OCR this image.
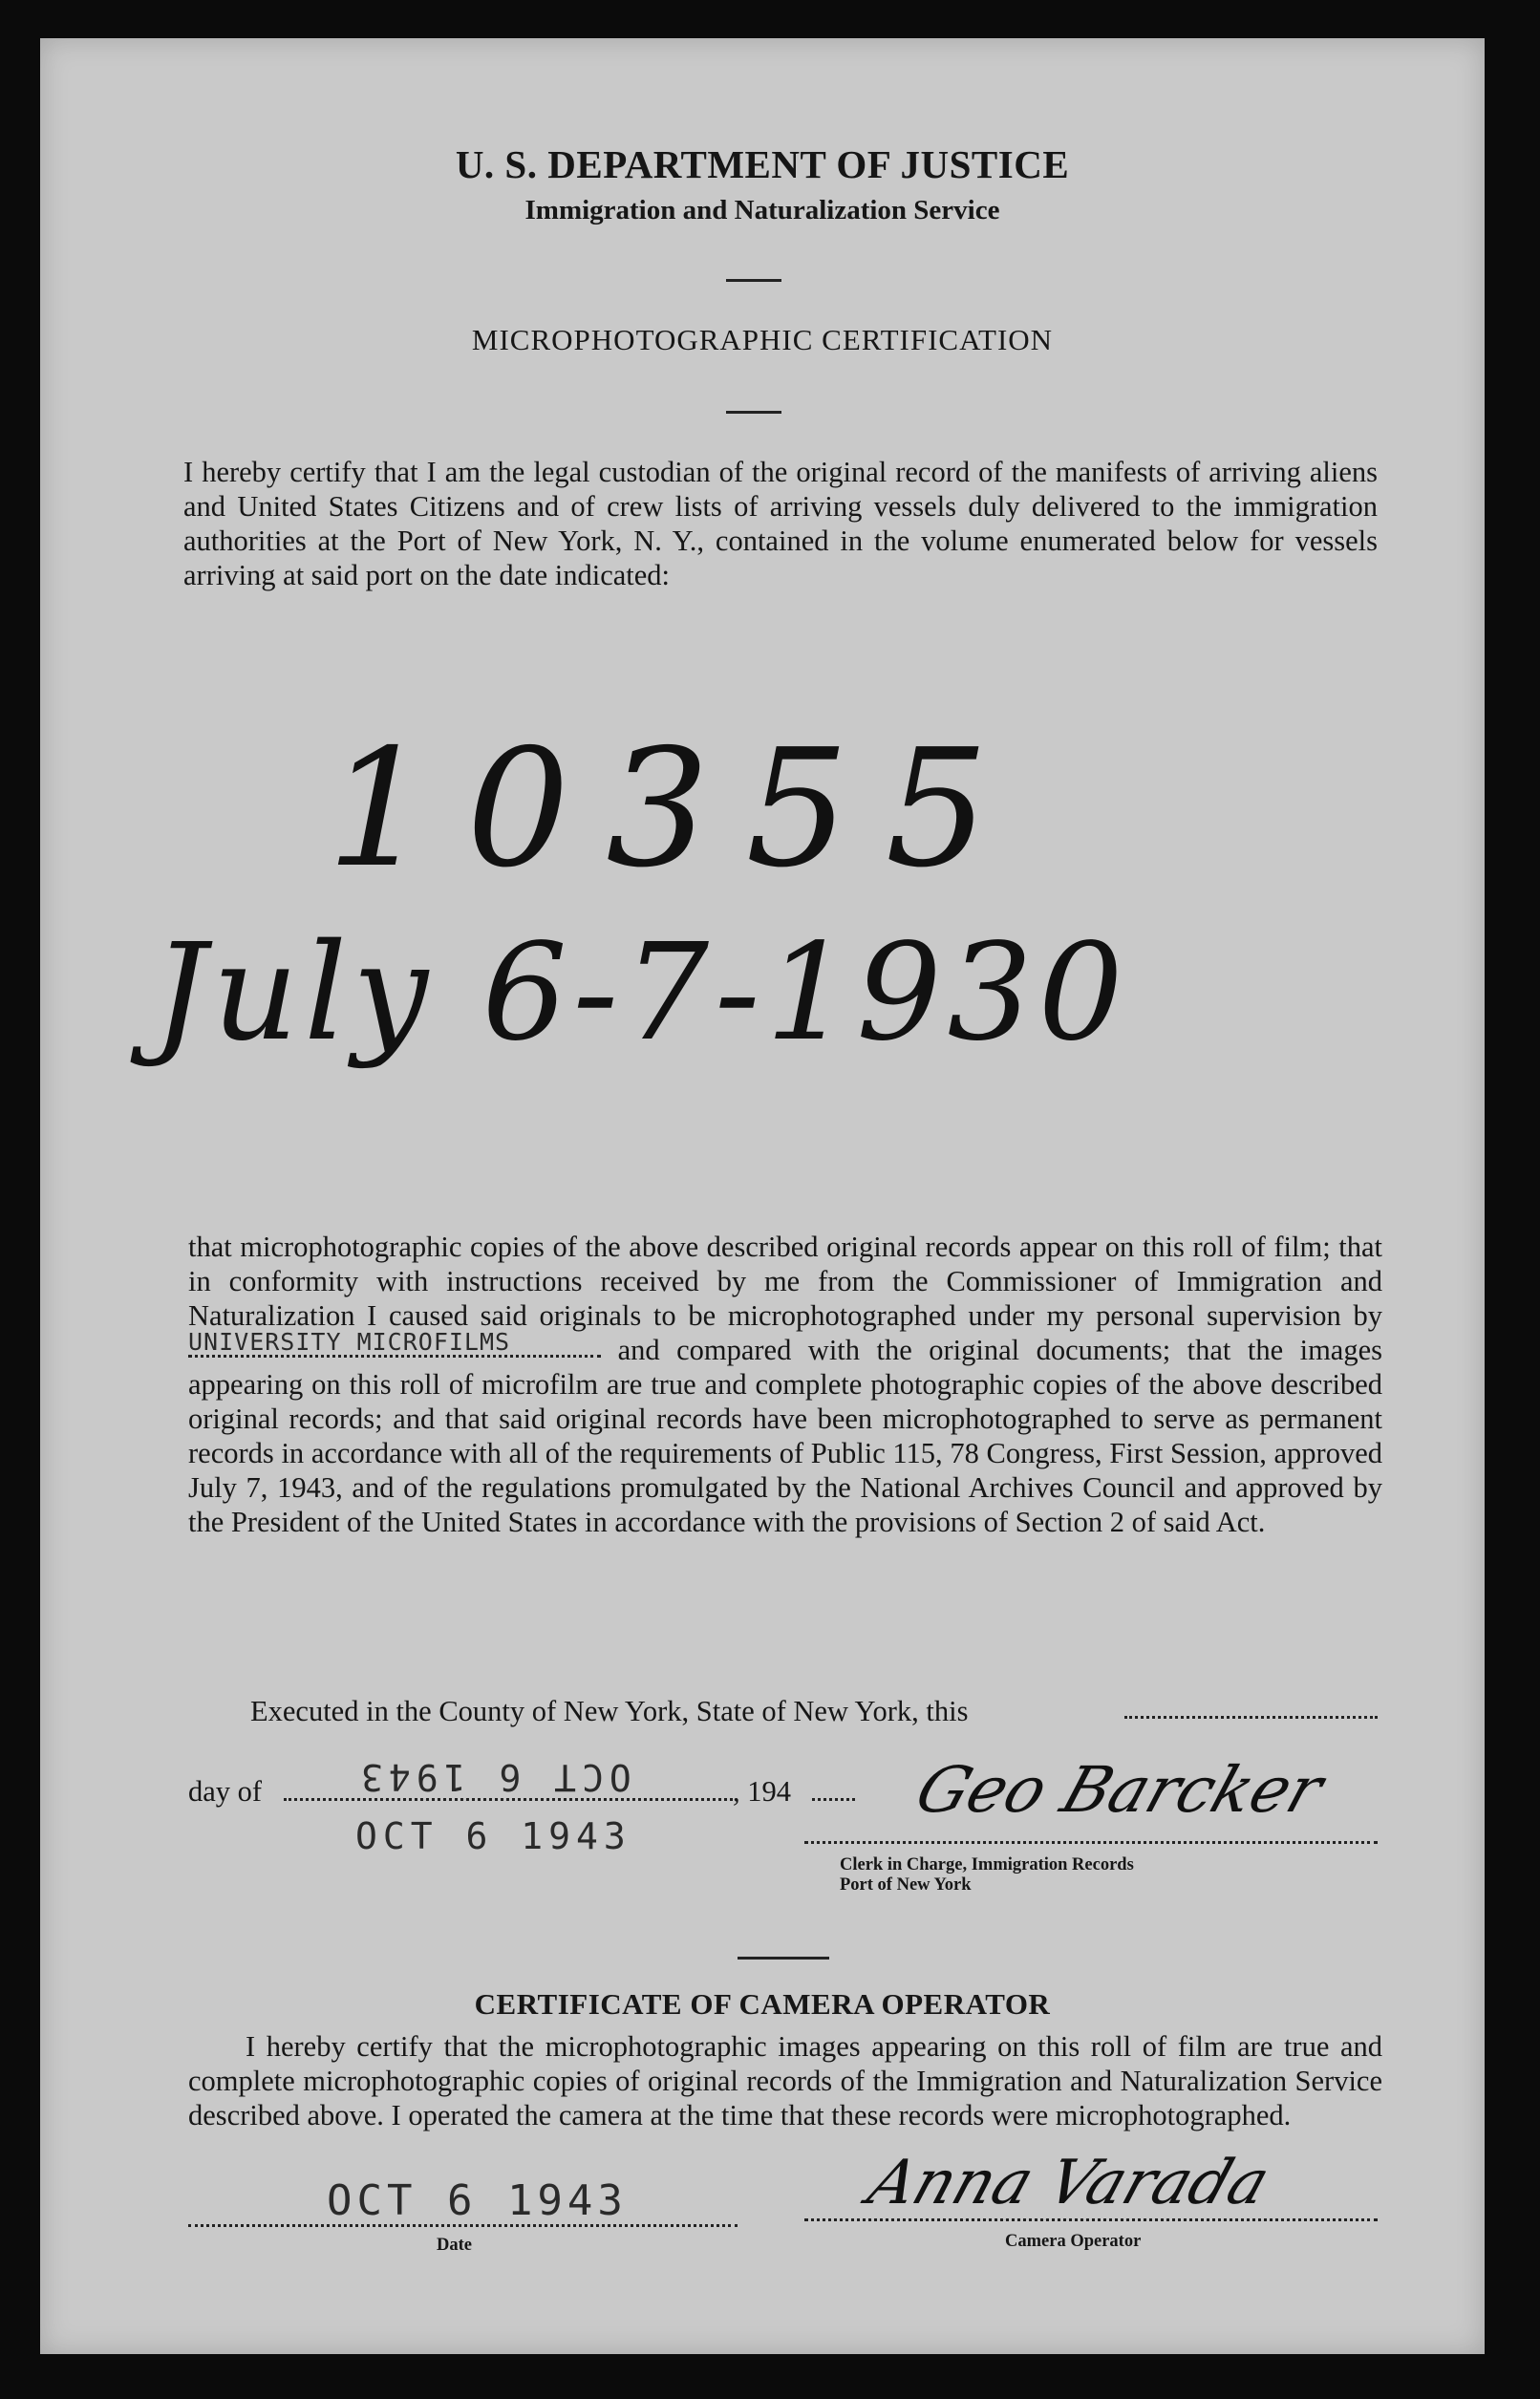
U. S. DEPARTMENT OF JUSTICE
Immigration and Naturalization Service
MICROPHOTOGRAPHIC CERTIFICATION
I hereby certify that I am the legal custodian of the original record of the manifests of arriving aliens and United States Citizens and of crew lists of arriving vessels duly delivered to the immigration authorities at the Port of New York, N. Y., contained in the volume enumerated below for vessels arriving at said port on the date indicated:
10355
July 6-7-1930
that microphotographic copies of the above described original records appear on this roll of film; that in conformity with instructions received by me from the Commissioner of Immigration and Naturalization I caused said originals to be microphotographed under my personal supervision by UNIVERSITY MICROFILMS	and compared with the original documents; that the images appearing on this roll of microfilm are true and complete photographic copies of the above described original records; and that said original records have been microphotographed to serve as permanent records in accordance with all of the requirements of Public 115, 78 Congress, First Session, approved July 7, 1943, and of the regulations promulgated by the National Archives Council and approved by the President of the United States in accordance with the provisions of Section 2 of said Act.
Executed in the County of New York, State of New York, this
day of	OCT 6 1943	, 194
OCT 6 1943
Geo Barcker
Clerk in Charge, Immigration Records
Port of New York
CERTIFICATE OF CAMERA OPERATOR
I hereby certify that the microphotographic images appearing on this roll of film are true and complete microphotographic copies of original records of the Immigration and Naturalization Service described above. I operated the camera at the time that these records were microphotographed.
OCT 6 1943
Date
Anna Varada
Camera Operator
